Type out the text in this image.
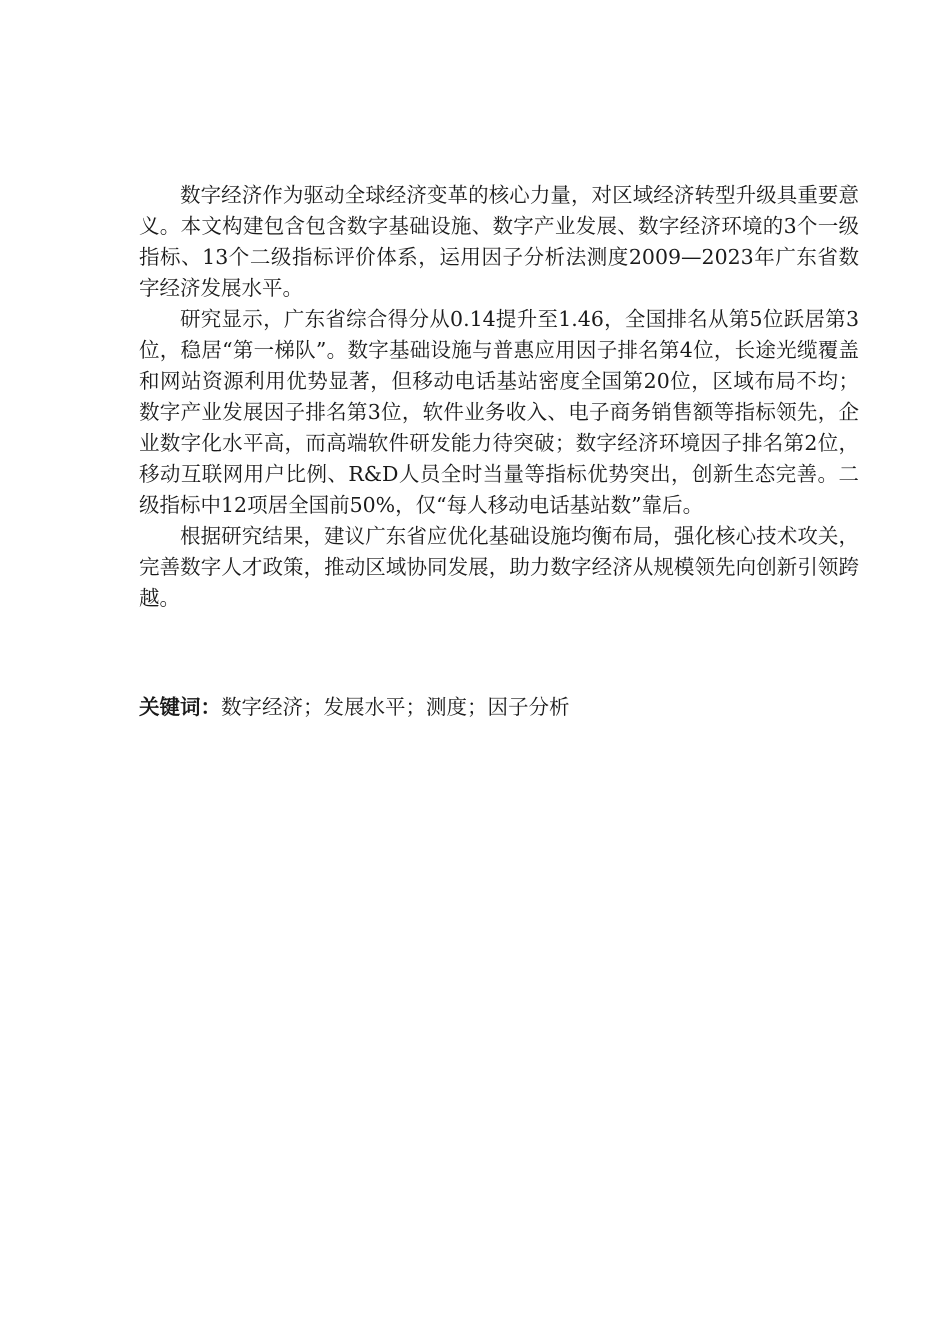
数字经济作为驱动全球经济变革的核心力量，对区域经济转型升级具重要意义。本文构建包含包含数字基础设施、数字产业发展、数字经济环境的3个一级指标、13个二级指标评价体系，运用因子分析法测度2009—2023年广东省数字经济发展水平。

研究显示，广东省综合得分从0.14提升至1.46，全国排名从第5位跃居第3位，稳居“第一梯队”。数字基础设施与普惠应用因子排名第4位，长途光缆覆盖和网站资源利用优势显著，但移动电话基站密度全国第20位，区域布局不均；数字产业发展因子排名第3位，软件业务收入、电子商务销售额等指标领先，企业数字化水平高，而高端软件研发能力待突破；数字经济环境因子排名第2位，移动互联网用户比例、R&D人员全时当量等指标优势突出，创新生态完善。二级指标中12项居全国前50%，仅“每人移动电话基站数”靠后。

根据研究结果，建议广东省应优化基础设施均衡布局，强化核心技术攻关，完善数字人才政策，推动区域协同发展，助力数字经济从规模领先向创新引领跨越。

关键词：数字经济；发展水平；测度；因子分析
